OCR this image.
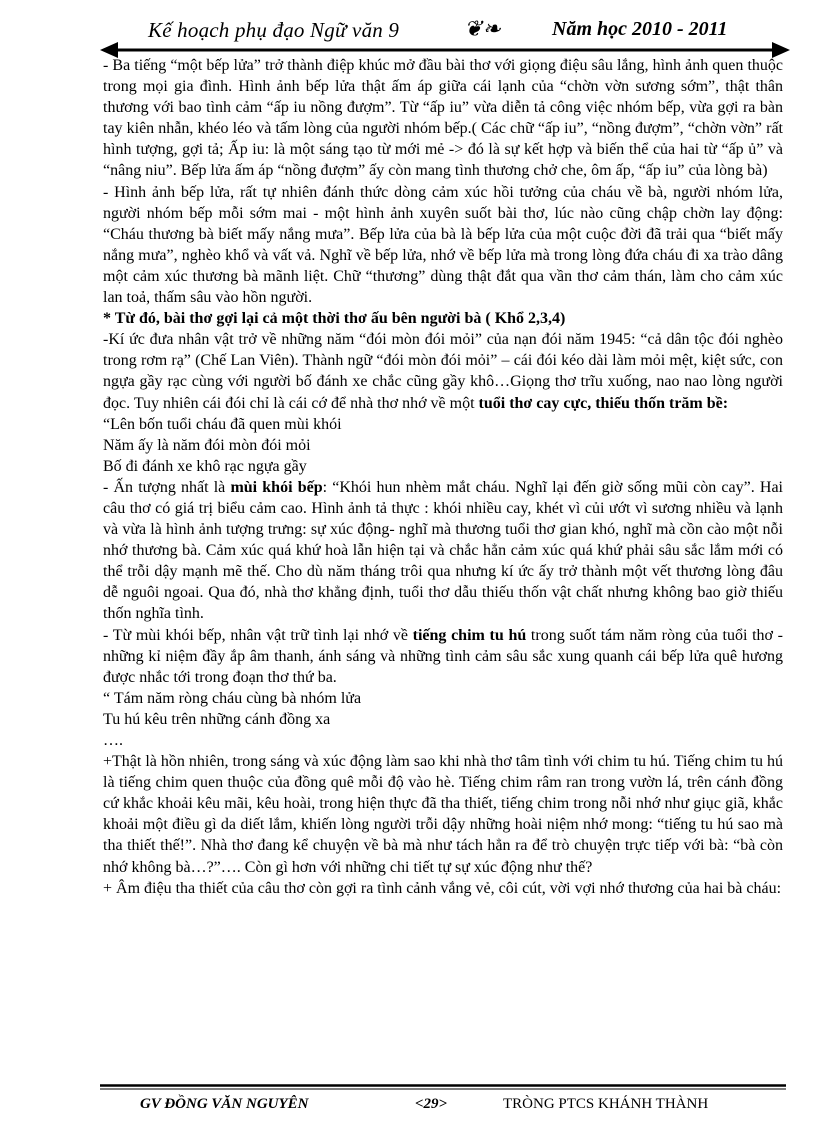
Kế hoạch phụ đạo Ngữ văn 9	❦❧	Năm học 2010 - 2011

- Ba tiếng “một bếp lửa” trở thành điệp khúc mở đầu bài thơ với giọng điệu sâu lắng, hình ảnh quen thuộc trong mọi gia đình. Hình ảnh bếp lửa thật ấm áp giữa cái lạnh của “chờn vờn sương sớm”, thật thân thương với bao tình cảm “ấp iu nồng đượm”. Từ “ấp iu” vừa diễn tả công việc nhóm bếp, vừa gợi ra bàn tay kiên nhẫn, khéo léo và tấm lòng của người nhóm bếp.( Các chữ “ấp iu”, “nồng đượm”, “chờn vờn” rất hình tượng, gợi tả; Ấp iu: là một sáng tạo từ mới mẻ -> đó là sự kết hợp và biến thể của hai từ “ấp ủ” và “nâng niu”. Bếp lửa ấm áp “nồng đượm” ấy còn mang tình thương chở che, ôm ấp, “ấp iu” của lòng bà)

- Hình ảnh bếp lửa, rất tự nhiên đánh thức dòng cảm xúc hồi tưởng của cháu về bà, người nhóm lửa, người nhóm bếp mỗi sớm mai - một hình ảnh xuyên suốt bài thơ, lúc nào cũng chập chờn lay động: “Cháu thương bà biết mấy nắng mưa”. Bếp lửa của bà là bếp lửa của một cuộc đời đã trải qua “biết mấy nắng mưa”, nghèo khổ và vất vả. Nghĩ về bếp lửa, nhớ về bếp lửa mà trong lòng đứa cháu đi xa trào dâng một cảm xúc thương bà mãnh liệt. Chữ “thương” dùng thật đắt qua vần thơ cảm thán, làm cho cảm xúc lan toả, thấm sâu vào hồn người.

* Từ đó, bài thơ gợi lại cả một thời thơ ấu bên người bà ( Khổ 2,3,4)

-Kí ức đưa nhân vật trở về những năm “đói mòn đói mỏi” của nạn đói năm 1945: “cả dân tộc đói nghèo trong rơm rạ” (Chế Lan Viên). Thành ngữ “đói mòn đói mỏi” – cái đói kéo dài làm mỏi mệt, kiệt sức, con ngựa gầy rạc cùng với người bố đánh xe chắc cũng gầy khô…Giọng thơ trĩu xuống, nao nao lòng người đọc. Tuy nhiên cái đói chỉ là cái cớ để nhà thơ nhớ về một tuổi thơ cay cực, thiếu thốn trăm bề:

“Lên bốn tuổi cháu đã quen mùi khói

Năm ấy là năm đói mòn đói mỏi

Bố đi đánh xe khô rạc ngựa gầy

- Ấn tượng nhất là mùi khói bếp: “Khói hun nhèm mắt cháu. Nghĩ lại đến giờ sống mũi còn cay”. Hai câu thơ có giá trị biểu cảm cao. Hình ảnh tả thực : khói nhiều cay, khét vì củi ướt vì sương nhiều và lạnh và vừa là hình ảnh tượng trưng: sự xúc động- nghĩ mà thương tuổi thơ gian khó, nghĩ mà cồn cào một nỗi nhớ thương bà. Cảm xúc quá khứ hoà lẫn hiện tại và chắc hẳn cảm xúc quá khứ phải sâu sắc lắm mới có thể trỗi dậy mạnh mẽ thế. Cho dù năm tháng trôi qua nhưng kí ức ấy trở thành một vết thương lòng đâu dễ nguôi ngoai. Qua đó, nhà thơ khẳng định, tuổi thơ dẫu thiếu thốn vật chất nhưng không bao giờ thiếu thốn nghĩa tình.

- Từ mùi khói bếp, nhân vật trữ tình lại nhớ về tiếng chim tu hú trong suốt tám năm ròng của tuổi thơ - những kỉ niệm đầy ắp âm thanh, ánh sáng và những tình cảm sâu sắc xung quanh cái bếp lửa quê hương được nhắc tới trong đoạn thơ thứ ba.

“ Tám năm ròng cháu cùng bà nhóm lửa

Tu hú kêu trên những cánh đồng xa

….

+Thật là hồn nhiên, trong sáng và xúc động làm sao khi nhà thơ tâm tình với chim tu hú. Tiếng chim tu hú là tiếng chim quen thuộc của đồng quê mỗi độ vào hè. Tiếng chim râm ran trong vườn lá, trên cánh đồng cứ khắc khoải kêu mãi, kêu hoài, trong hiện thực đã tha thiết, tiếng chim trong nỗi nhớ như giục giã, khắc khoải một điều gì da diết lắm, khiến lòng người trỗi dậy những hoài niệm nhớ mong: “tiếng tu hú sao mà tha thiết thế!”. Nhà thơ đang kể chuyện về bà mà như tách hẳn ra để trò chuyện trực tiếp với bà: “bà còn nhớ không bà…?”…. Còn gì hơn với những chi tiết tự sự xúc động như thế?

+ Âm điệu tha thiết của câu thơ còn gợi ra tình cảnh vắng vẻ, côi cút, vời vợi nhớ thương của hai bà cháu:

GV ĐỒNG VĂN NGUYÊN	<29>	TRÒNG PTCS KHÁNH THÀNH
